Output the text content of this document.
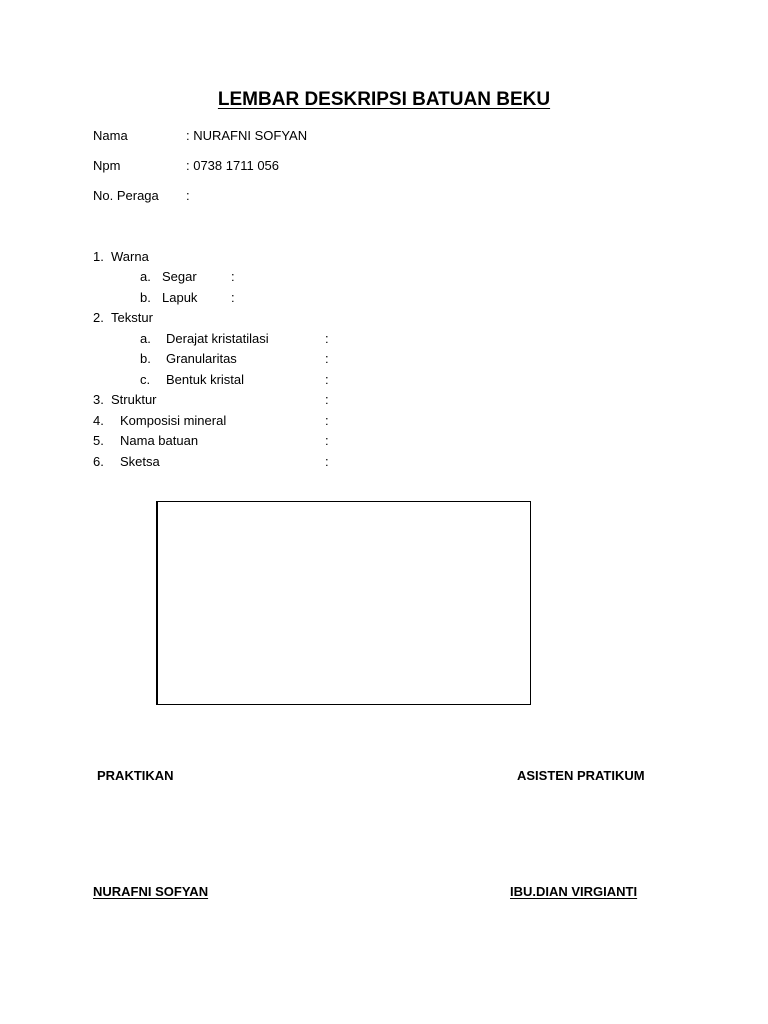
LEMBAR DESKRIPSI BATUAN BEKU
Nama	: NURAFNI SOFYAN
Npm	: 0738 1711 056
No. Peraga :
1. Warna
a. Segar	:
b. Lapuk	:
2. Tekstur
a. Derajat kristatilasi	:
b. Granularitas	:
c. Bentuk kristal	:
3. Struktur	:
4. Komposisi mineral	:
5. Nama batuan	:
6. Sketsa	:
PRAKTIKAN	ASISTEN PRATIKUM
NURAFNI SOFYAN	IBU.DIAN VIRGIANTI
